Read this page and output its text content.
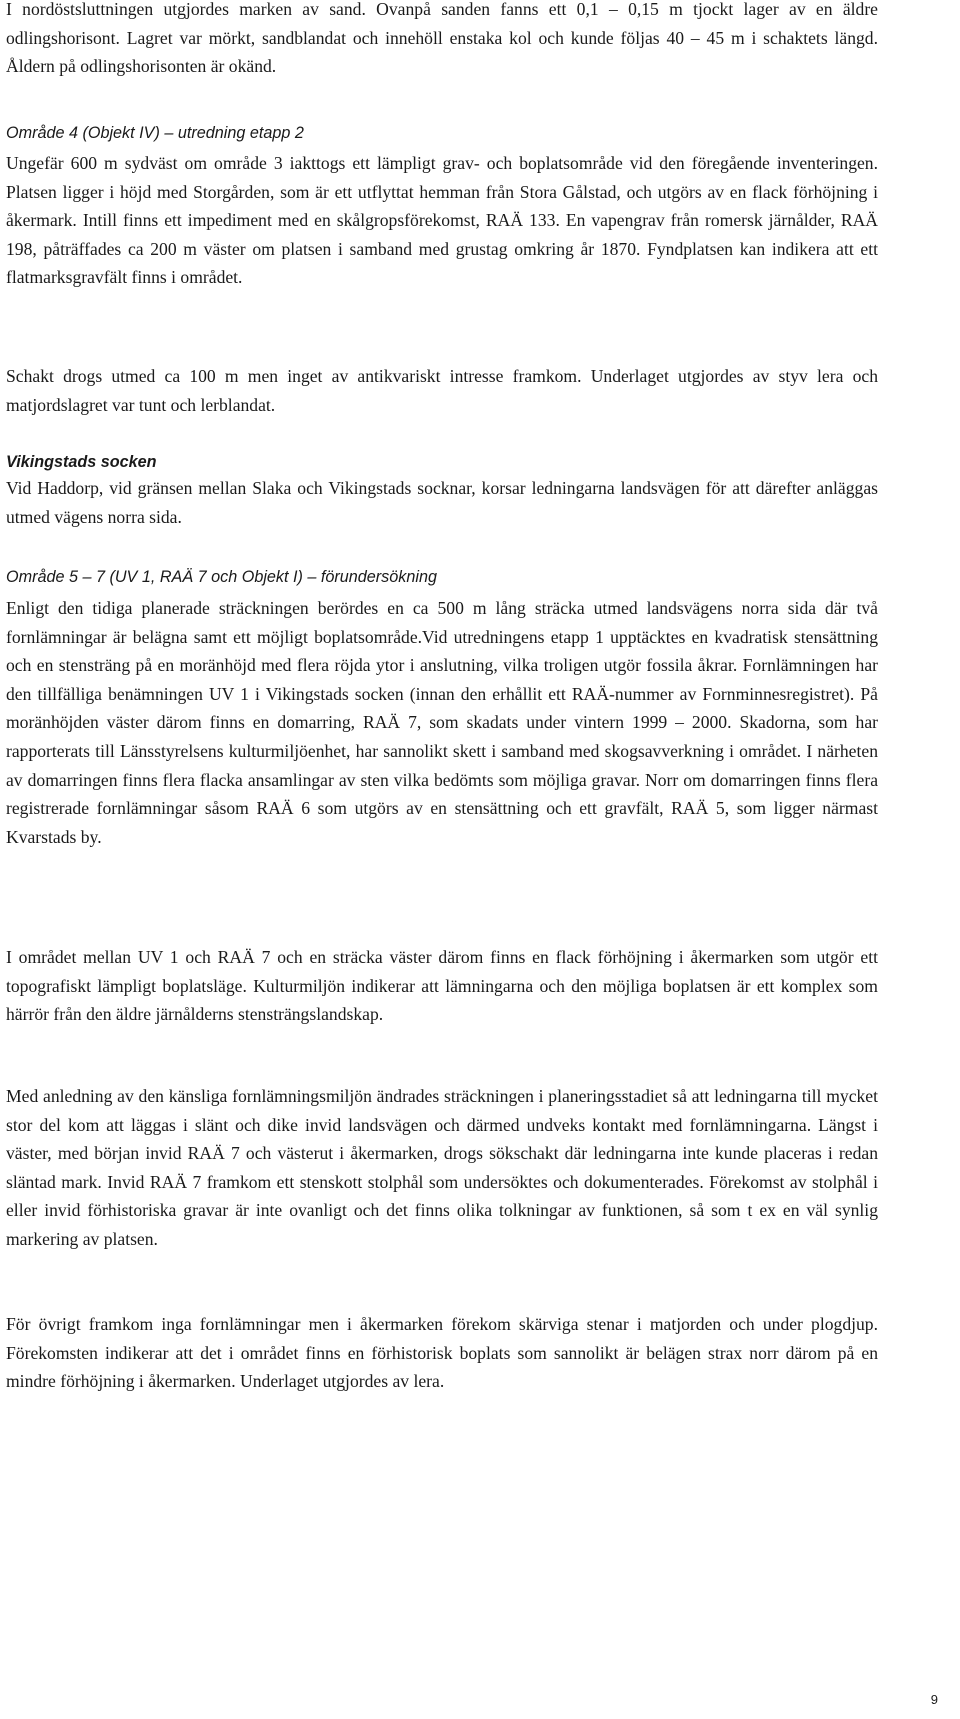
I nordöstsluttningen utgjordes marken av sand. Ovanpå sanden fanns ett 0,1 – 0,15 m tjockt lager av en äldre odlingshorisont. Lagret var mörkt, sandblandat och innehöll enstaka kol och kunde följas 40 – 45 m i schaktets längd. Åldern på odlingshorisonten är okänd.

Område 4 (Objekt IV) – utredning etapp 2

Ungefär 600 m sydväst om område 3 iakttogs ett lämpligt grav- och boplatsområde vid den föregående inventeringen. Platsen ligger i höjd med Storgården, som är ett utflyttat hemman från Stora Gålstad, och utgörs av en flack förhöjning i åkermark. Intill finns ett impediment med en skålgropsförekomst, RAÄ 133. En vapengrav från romersk järnålder, RAÄ 198, påträffades ca 200 m väster om platsen i samband med grustag omkring år 1870. Fyndplatsen kan indikera att ett flatmarksgravfält finns i området.

Schakt drogs utmed ca 100 m men inget av antikvariskt intresse framkom. Underlaget utgjordes av styv lera och matjordslagret var tunt och lerblandat.

Vikingstads socken

Vid Haddorp, vid gränsen mellan Slaka och Vikingstads socknar, korsar ledningarna landsvägen för att därefter anläggas utmed vägens norra sida.

Område 5 – 7 (UV 1, RAÄ 7 och Objekt I) – förundersökning

Enligt den tidiga planerade sträckningen berördes en ca 500 m lång sträcka utmed landsvägens norra sida där två fornlämningar är belägna samt ett möjligt boplatsområde.Vid utredningens etapp 1 upptäcktes en kvadratisk stensättning och en stensträng på en moränhöjd med flera röjda ytor i anslutning, vilka troligen utgör fossila åkrar. Fornlämningen har den tillfälliga benämningen UV 1 i Vikingstads socken (innan den erhållit ett RAÄ-nummer av Fornminnesregistret). På moränhöjden väster därom finns en domarring, RAÄ 7, som skadats under vintern 1999 – 2000. Skadorna, som har rapporterats till Länsstyrelsens kulturmiljöenhet, har sannolikt skett i samband med skogsavverkning i området. I närheten av domarringen finns flera flacka ansamlingar av sten vilka bedömts som möjliga gravar. Norr om domarringen finns flera registrerade fornlämningar såsom RAÄ 6 som utgörs av en stensättning och ett gravfält, RAÄ 5, som ligger närmast Kvarstads by.

I området mellan UV 1 och RAÄ 7 och en sträcka väster därom finns en flack förhöjning i åkermarken som utgör ett topografiskt lämpligt boplatsläge. Kulturmiljön indikerar att lämningarna och den möjliga boplatsen är ett komplex som härrör från den äldre järnålderns stensträngslandskap.

Med anledning av den känsliga fornlämningsmiljön ändrades sträckningen i planeringsstadiet så att ledningarna till mycket stor del kom att läggas i slänt och dike invid landsvägen och därmed undveks kontakt med fornlämningarna. Längst i väster, med början invid RAÄ 7 och västerut i åkermarken, drogs sökschakt där ledningarna inte kunde placeras i redan släntad mark. Invid RAÄ 7 framkom ett stenskott stolphål som undersöktes och dokumenterades. Förekomst av stolphål i eller invid förhistoriska gravar är inte ovanligt och det finns olika tolkningar av funktionen, så som t ex en väl synlig markering av platsen.

För övrigt framkom inga fornlämningar men i åkermarken förekom skärviga stenar i matjorden och under plogdjup. Förekomsten indikerar att det i området finns en förhistorisk boplats som sannolikt är belägen strax norr därom på en mindre förhöjning i åkermarken. Underlaget utgjordes av lera.

9
